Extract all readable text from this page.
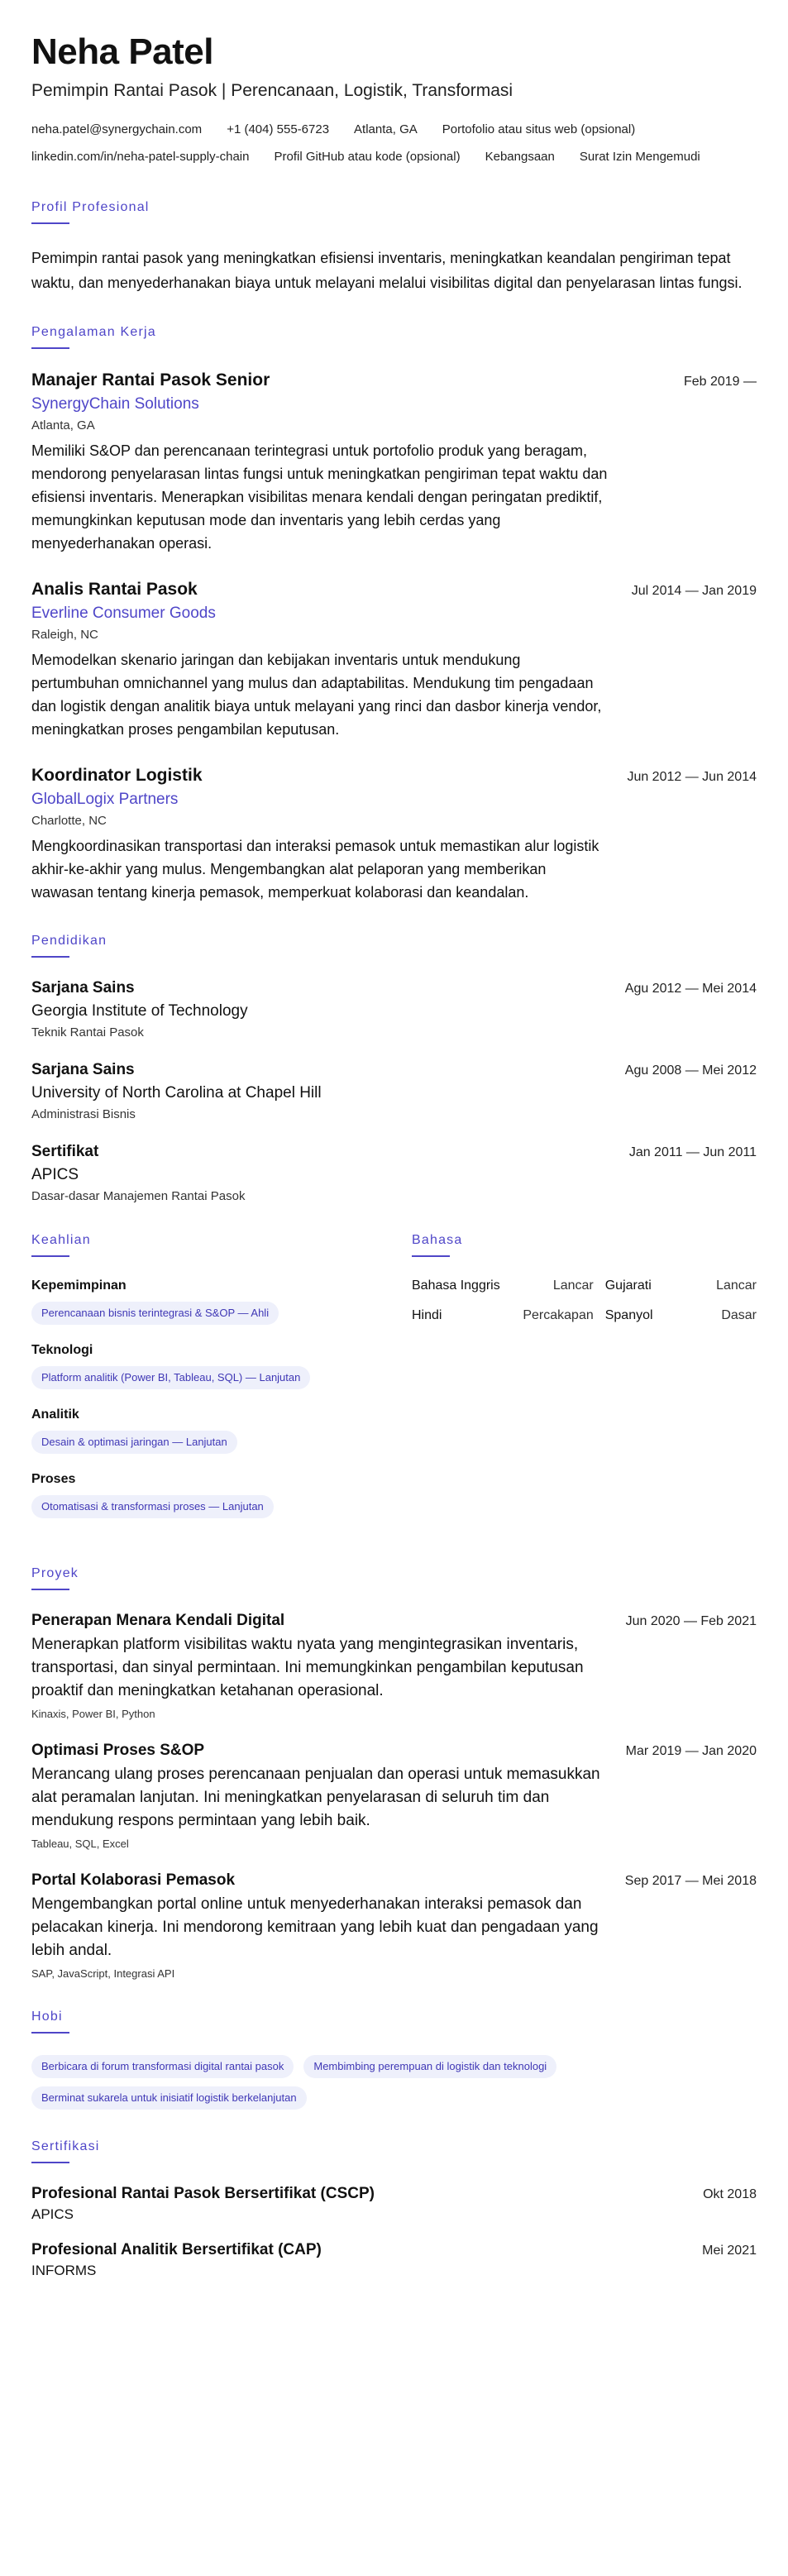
Neha Patel
Pemimpin Rantai Pasok | Perencanaan, Logistik, Transformasi
neha.patel@synergychain.com +1 (404) 555-6723 Atlanta, GA Portofolio atau situs web (opsional)
linkedin.com/in/neha-patel-supply-chain Profil GitHub atau kode (opsional) Kebangsaan Surat Izin Mengemudi
Profil Profesional

Pemimpin rantai pasok yang meningkatkan efisiensi inventaris, meningkatkan keandalan pengiriman tepat waktu, dan menyederhanakan biaya untuk melayani melalui visibilitas digital dan penyelarasan lintas fungsi.

Pengalaman Kerja
Manajer Rantai Pasok Senior	Feb 2019 —
SynergyChain Solutions
Atlanta, GA

Memiliki S&OP dan perencanaan terintegrasi untuk portofolio produk yang beragam, mendorong penyelarasan lintas fungsi untuk meningkatkan pengiriman tepat waktu dan efisiensi inventaris. Menerapkan visibilitas menara kendali dengan peringatan prediktif, memungkinkan keputusan mode dan inventaris yang lebih cerdas yang menyederhanakan operasi.

Analis Rantai Pasok	Jul 2014 — Jan 2019
Everline Consumer Goods
Raleigh, NC

Memodelkan skenario jaringan dan kebijakan inventaris untuk mendukung pertumbuhan omnichannel yang mulus dan adaptabilitas. Mendukung tim pengadaan dan logistik dengan analitik biaya untuk melayani yang rinci dan dasbor kinerja vendor, meningkatkan proses pengambilan keputusan.

Koordinator Logistik	Jun 2012 — Jun 2014
GlobalLogix Partners
Charlotte, NC

Mengkoordinasikan transportasi dan interaksi pemasok untuk memastikan alur logistik akhir-ke-akhir yang mulus. Mengembangkan alat pelaporan yang memberikan wawasan tentang kinerja pemasok, memperkuat kolaborasi dan keandalan.

Pendidikan
Sarjana Sains	Agu 2012 — Mei 2014
Georgia Institute of Technology
Teknik Rantai Pasok
Sarjana Sains	Agu 2008 — Mei 2012
University of North Carolina at Chapel Hill
Administrasi Bisnis
Sertifikat	Jan 2011 — Jun 2011
APICS
Dasar-dasar Manajemen Rantai Pasok
Keahlian
Kepemimpinan
Perencanaan bisnis terintegrasi & S&OP — Ahli
Teknologi
Platform analitik (Power BI, Tableau, SQL) — Lanjutan
Analitik
Desain & optimasi jaringan — Lanjutan
Proses
Otomatisasi & transformasi proses — Lanjutan
Bahasa
Bahasa Inggris	Lancar Gujarati	Lancar
Hindi	Percakapan Spanyol	Dasar
Proyek
Penerapan Menara Kendali Digital	Jun 2020 — Feb 2021

Menerapkan platform visibilitas waktu nyata yang mengintegrasikan inventaris, transportasi, dan sinyal permintaan. Ini memungkinkan pengambilan keputusan proaktif dan meningkatkan ketahanan operasional.

Kinaxis, Power BI, Python
Optimasi Proses S&OP	Mar 2019 — Jan 2020

Merancang ulang proses perencanaan penjualan dan operasi untuk memasukkan alat peramalan lanjutan. Ini meningkatkan penyelarasan di seluruh tim dan mendukung respons permintaan yang lebih baik.

Tableau, SQL, Excel
Portal Kolaborasi Pemasok	Sep 2017 — Mei 2018

Mengembangkan portal online untuk menyederhanakan interaksi pemasok dan pelacakan kinerja. Ini mendorong kemitraan yang lebih kuat dan pengadaan yang lebih andal.

SAP, JavaScript, Integrasi API
Hobi
Berbicara di forum transformasi digital rantai pasok	Membimbing perempuan di logistik dan teknologi
Berminat sukarela untuk inisiatif logistik berkelanjutan
Sertifikasi
Profesional Rantai Pasok Bersertifikat (CSCP)	Okt 2018
APICS
Profesional Analitik Bersertifikat (CAP)	Mei 2021
INFORMS
